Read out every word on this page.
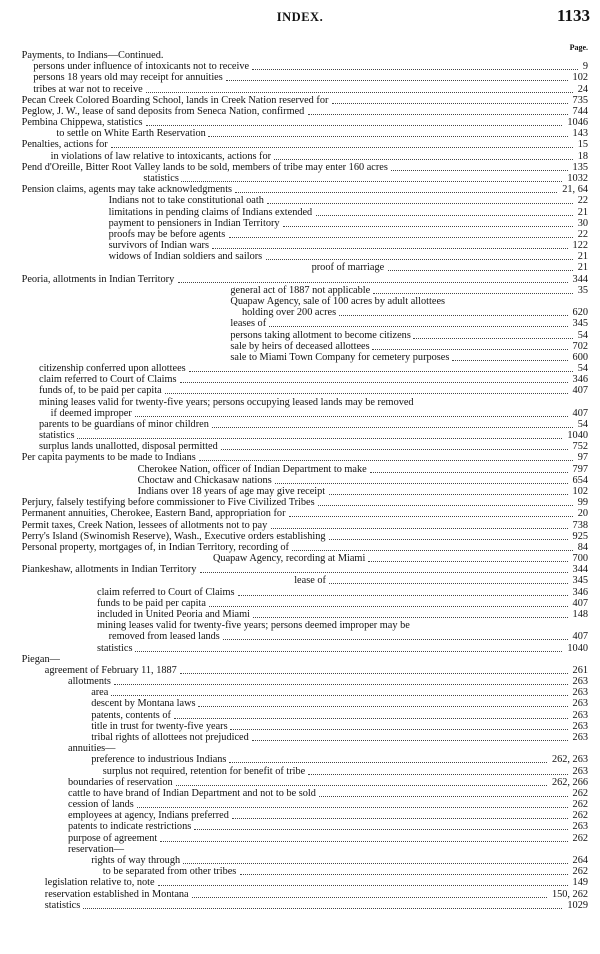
INDEX.	1133
Page.
Payments, to Indians—Continued.
persons under influence of intoxicants not to receive	9
persons 18 years old may receipt for annuities	102
tribes at war not to receive	24
Pecan Creek Colored Boarding School, lands in Creek Nation reserved for	735
Peglow, J. W., lease of sand deposits from Seneca Nation, confirmed	744
Pembina Chippewa, statistics	1046
to settle on White Earth Reservation	143
Penalties, actions for	15
in violations of law relative to intoxicants, actions for	18
Pend d'Oreille, Bitter Root Valley lands to be sold, members of tribe may enter 160 acres	135
statistics	1032
Pension claims, agents may take acknowledgments	21, 64
Indians not to take constitutional oath	22
limitations in pending claims of Indians extended	21
payment to pensioners in Indian Territory	30
proofs may be before agents	22
survivors of Indian wars	122
widows of Indian soldiers and sailors	21
proof of marriage	21
Peoria, allotments in Indian Territory	344
general act of 1887 not applicable	35
Quapaw Agency, sale of 100 acres by adult allottees
holding over 200 acres	620
leases of	345
persons taking allotment to become citizens	54
sale by heirs of deceased allottees	702
sale to Miami Town Company for cemetery purposes	600
citizenship conferred upon allottees	54
claim referred to Court of Claims	346
funds of, to be paid per capita	407
mining leases valid for twenty-five years; persons occupying leased lands may be removed
if deemed improper	407
parents to be guardians of minor children	54
statistics	1040
surplus lands unallotted, disposal permitted	752
Per capita payments to be made to Indians	97
Cherokee Nation, officer of Indian Department to make	797
Choctaw and Chickasaw nations	654
Indians over 18 years of age may give receipt	102
Perjury, falsely testifying before commissioner to Five Civilized Tribes	99
Permanent annuities, Cherokee, Eastern Band, appropriation for	20
Permit taxes, Creek Nation, lessees of allotments not to pay	738
Perry's Island (Swinomish Reserve), Wash., Executive orders establishing	925
Personal property, mortgages of, in Indian Territory, recording of	84
Quapaw Agency, recording at Miami	700
Piankeshaw, allotments in Indian Territory	344
lease of	345
claim referred to Court of Claims	346
funds to be paid per capita	407
included in United Peoria and Miami	148
mining leases valid for twenty-five years; persons deemed improper may be
removed from leased lands	407
statistics	1040
Piegan—
agreement of February 11, 1887	261
allotments	263
area	263
descent by Montana laws	263
patents, contents of	263
title in trust for twenty-five years	263
tribal rights of allottees not prejudiced	263
annuities—
preference to industrious Indians	262, 263
surplus not required, retention for benefit of tribe	263
boundaries of reservation	262, 266
cattle to have brand of Indian Department and not to be sold	262
cession of lands	262
employees at agency, Indians preferred	262
patents to indicate restrictions	263
purpose of agreement	262
reservation—
rights of way through	264
to be separated from other tribes	262
legislation relative to, note	149
reservation established in Montana	150, 262
statistics	1029
